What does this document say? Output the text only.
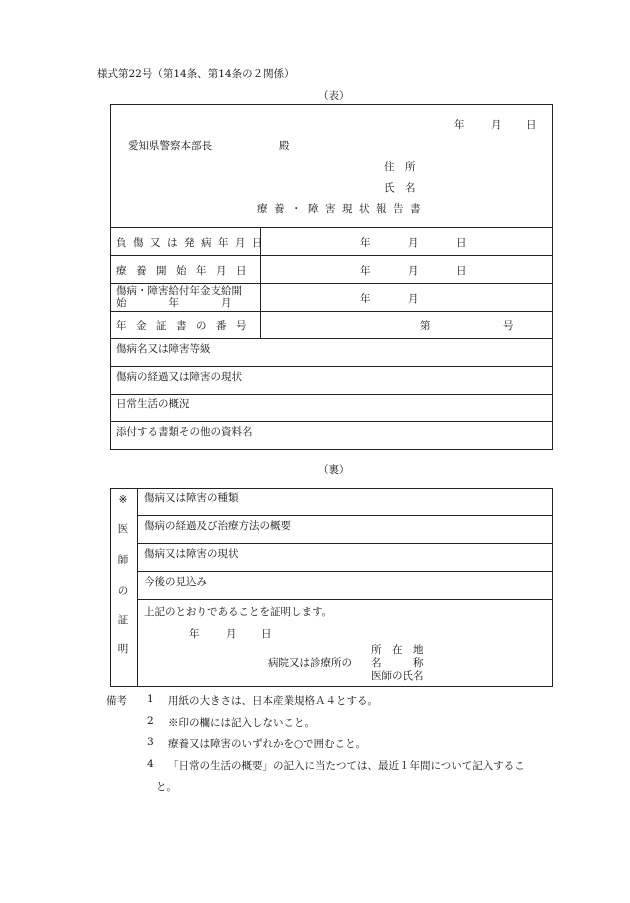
様式第22号（第14条、第14条の２関係）
（表）
年	月 日
愛知県警察本部長	殿
住　所
氏　名
療養・障害現状報告書
負傷又は発病年月日	年	月	日
療養開始年月日	年	月	日
傷病・障害給付年金支給開
始　　　　年　　　　月	年	月
年金証書の番号	第	号
傷病名又は障害等級
傷病の経過又は障害の現状
日常生活の概況
添付する書類その他の資料名
（裏）
※
医
師
の
証
明
傷病又は障害の種類
傷病の経過及び治療方法の概要
傷病又は障害の現状
今後の見込み
上記のとおりであることを証明します。
年	月 日
所　在　地
病院又は診療所の 名　　　称
医師の氏名
備考 1 用紙の大きさは、日本産業規格Ａ４とする。
2 ※印の欄には記入しないこと。
3 療養又は障害のいずれかを○で囲むこと。
4 「日常の生活の概要」の記入に当たつては、最近１年間について記入するこ
と。
